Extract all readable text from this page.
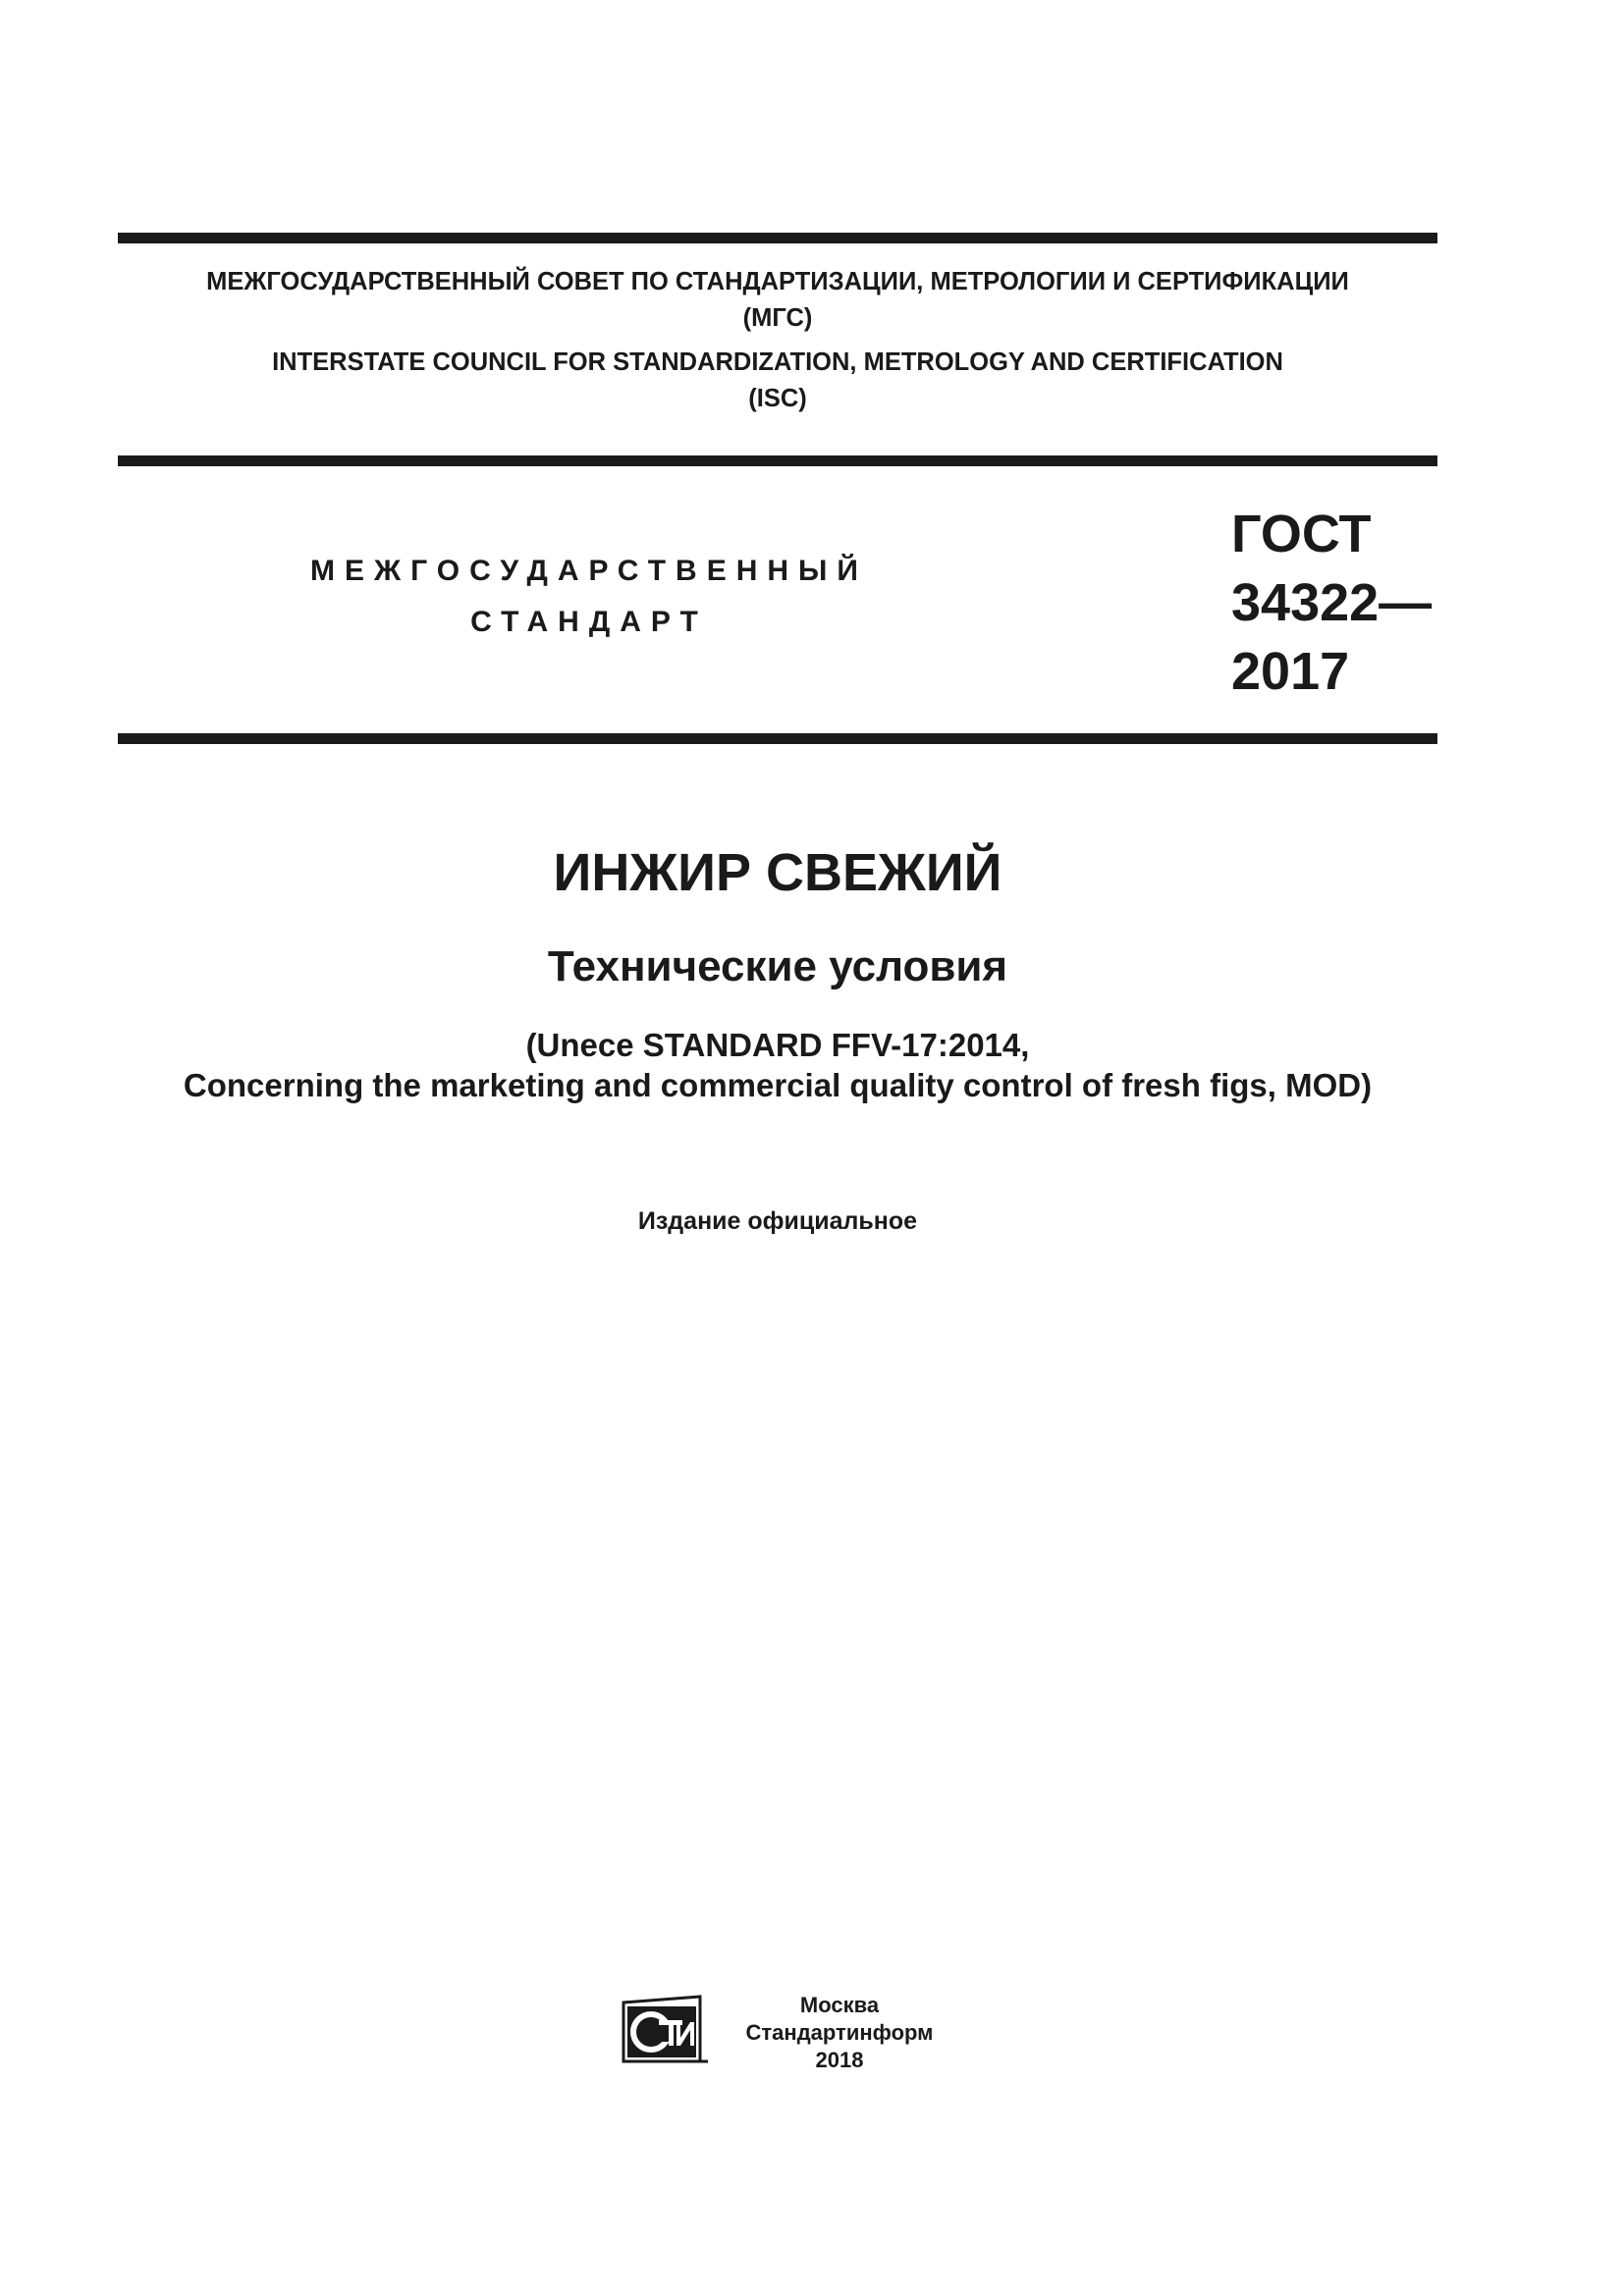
МЕЖГОСУДАРСТВЕННЫЙ СОВЕТ ПО СТАНДАРТИЗАЦИИ, МЕТРОЛОГИИ И СЕРТИФИКАЦИИ

(МГС)

INTERSTATE COUNCIL FOR STANDARDIZATION, METROLOGY AND CERTIFICATION

(ISC)

МЕЖГОСУДАРСТВЕННЫЙ

СТАНДАРТ

ГОСТ

34322—

2017

ИНЖИР СВЕЖИЙ
Технические условия

(Unece STANDARD FFV-17:2014,

Concerning the marketing and commercial quality control of fresh figs, MOD)

Издание официальное

Москва

Стандартинформ

2018
